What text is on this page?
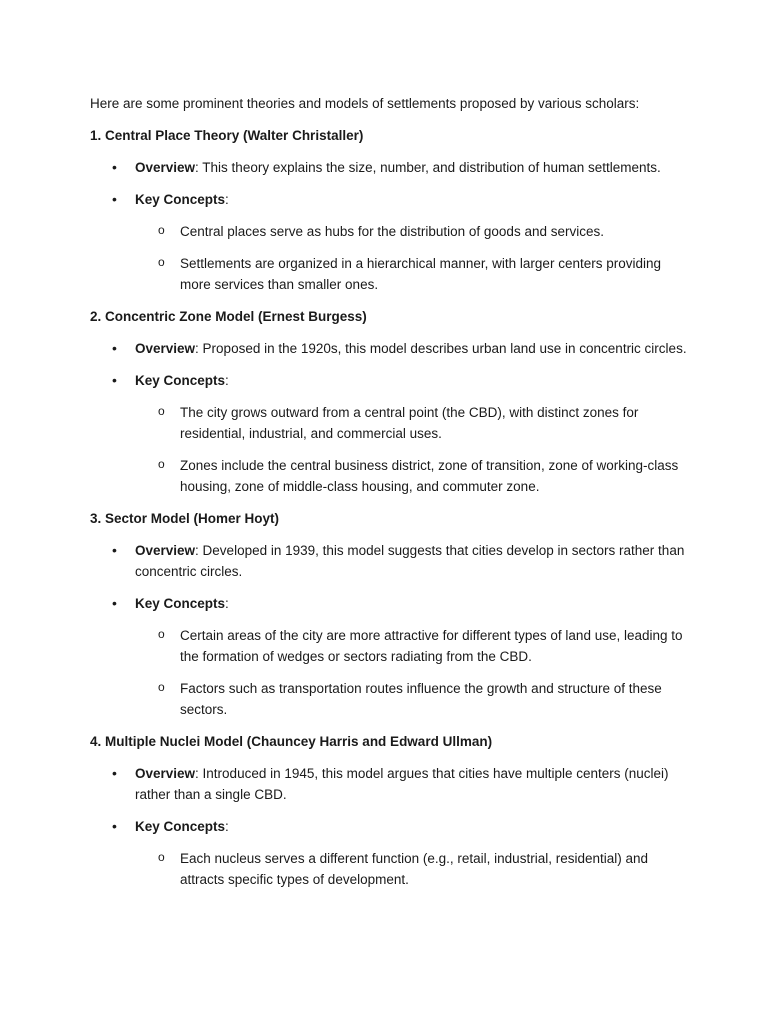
Here are some prominent theories and models of settlements proposed by various scholars:

1. Central Place Theory (Walter Christaller)

• Overview: This theory explains the size, number, and distribution of human settlements.
• Key Concepts:
o Central places serve as hubs for the distribution of goods and services.
o Settlements are organized in a hierarchical manner, with larger centers providing more services than smaller ones.

2. Concentric Zone Model (Ernest Burgess)

• Overview: Proposed in the 1920s, this model describes urban land use in concentric circles.
• Key Concepts:
o The city grows outward from a central point (the CBD), with distinct zones for residential, industrial, and commercial uses.
o Zones include the central business district, zone of transition, zone of working-class housing, zone of middle-class housing, and commuter zone.

3. Sector Model (Homer Hoyt)

• Overview: Developed in 1939, this model suggests that cities develop in sectors rather than concentric circles.
• Key Concepts:
o Certain areas of the city are more attractive for different types of land use, leading to the formation of wedges or sectors radiating from the CBD.
o Factors such as transportation routes influence the growth and structure of these sectors.

4. Multiple Nuclei Model (Chauncey Harris and Edward Ullman)

• Overview: Introduced in 1945, this model argues that cities have multiple centers (nuclei) rather than a single CBD.
• Key Concepts:
o Each nucleus serves a different function (e.g., retail, industrial, residential) and attracts specific types of development.
